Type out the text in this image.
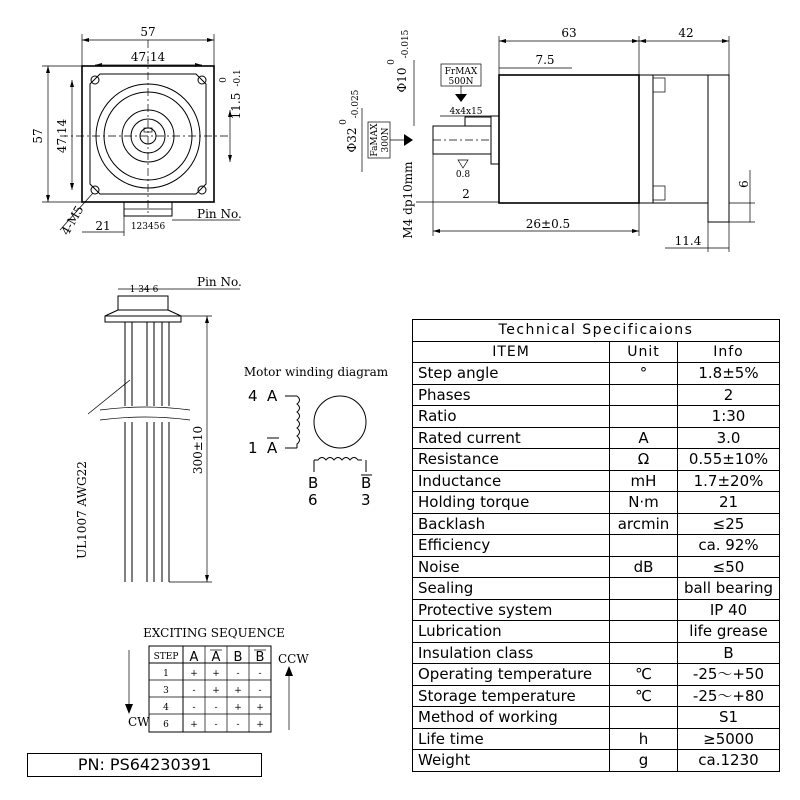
57
47.14
57 47.14
11.5
0 -0.1
4-M5 21 123456
Pin No.
63	42
7.5
FrMAX
500N
Φ10
0
-0.015
Φ32
0
-0.025
FaMAX 300N
4x4x15
0.8
M4 dp10mm	2
26±0.5
11.4
6
1 34 6
Pin No.
UL1007 AWG22
300±10
Motor winding diagram
4 A
1 A
B
6
B
3
EXCITING SEQUENCE
STEP A A B B
1 + + - -
3	- + + -
4	- - + +
6 + - - +
CW
CCW
Technical Specificaions		
ITEM	Unit	Info
Step angle	°	1.8±5%
Phases		2
Ratio		1:30
Rated current	A	3.0
Resistance	Ω	0.55±10%
Inductance	mH	1.7±20%
Holding torque	N·m	21
Backlash	arcmin	≤25
Efficiency		ca. 92%
Noise	dB	≤50
Sealing		ball bearing
Protective system		IP 40
Lubrication		life grease
Insulation class		B
Operating temperature	℃	-25～+50
Storage temperature	℃	-25～+80
Method of working		S1
Life time	h	≥5000
Weight	g	ca.1230
PN: PS64230391
